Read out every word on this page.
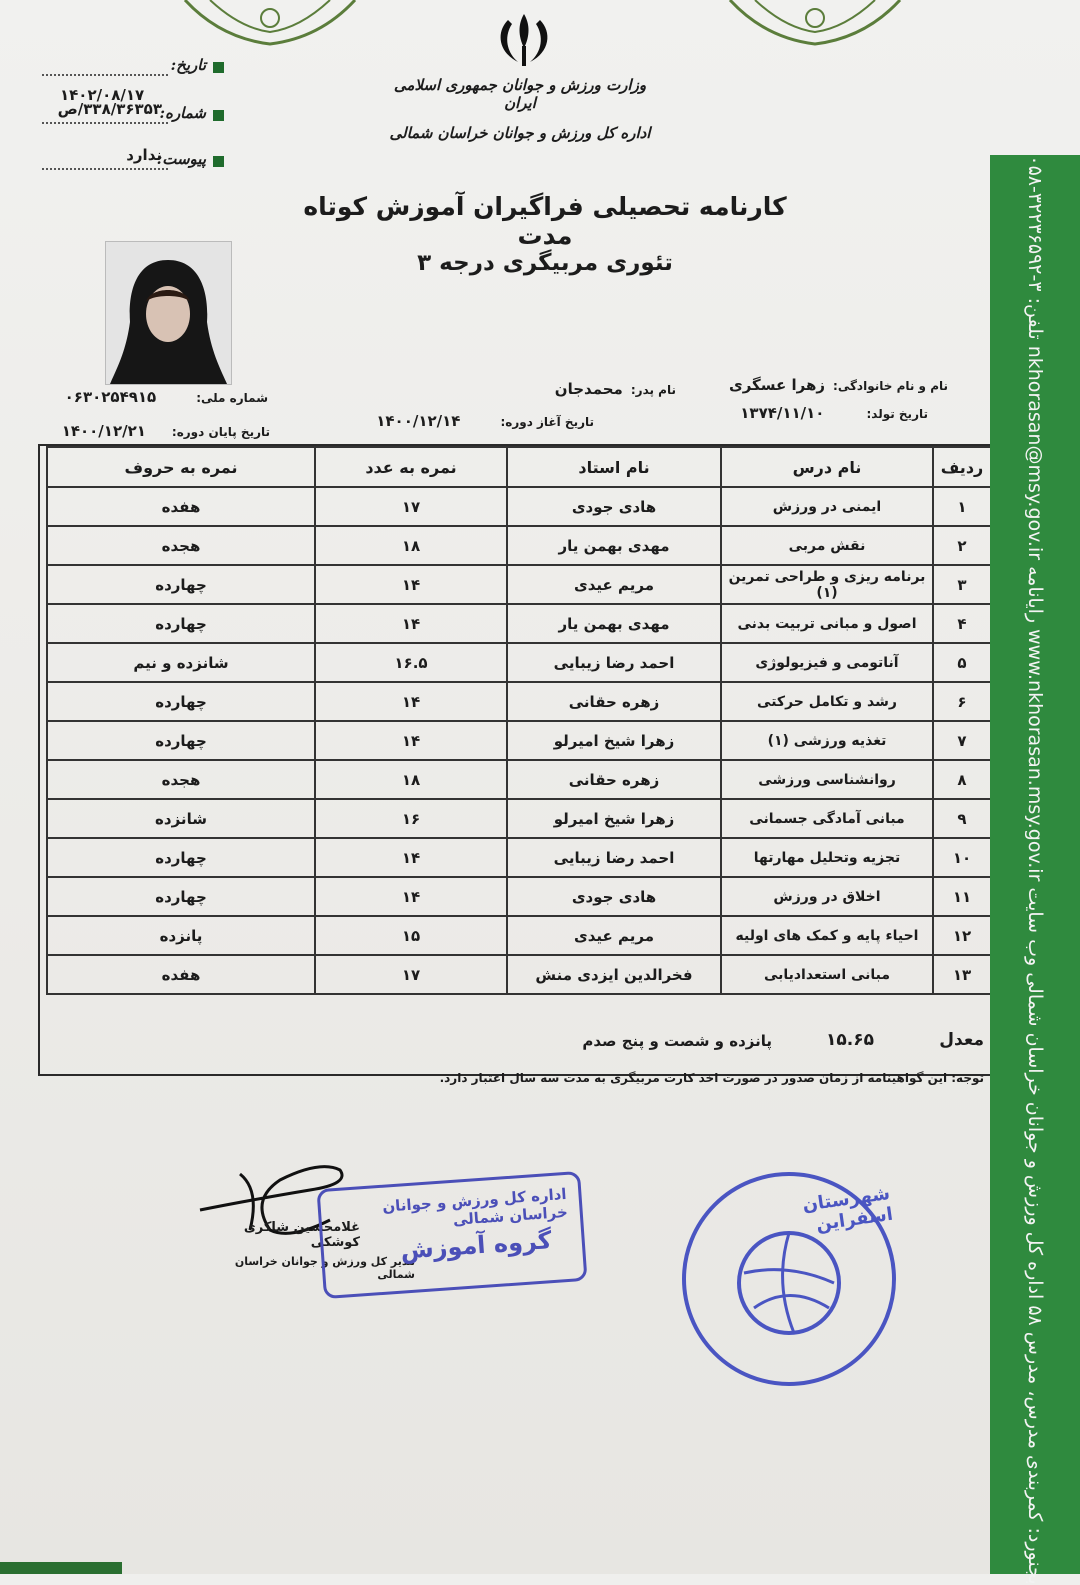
وزارت ورزش و جوانان جمهوری اسلامی ایران
اداره کل ورزش و جوانان خراسان شمالی
تاریخ:
۱۴۰۲/۰۸/۱۷
شماره:
۳۳۸/۳۶۳۵۳/ص
پیوست:
ندارد
کارنامه تحصیلی فراگیران آموزش کوتاه مدت
تئوری مربیگری درجه ۳
نام و نام خانوادگی:زهرا عسگری
نام پدر:محمدجان
شماره ملی:۰۶۳۰۲۵۴۹۱۵
تاریخ تولد:۱۳۷۴/۱۱/۱۰
تاریخ آغاز دوره:۱۴۰۰/۱۲/۱۴
تاریخ پایان دوره:۱۴۰۰/۱۲/۲۱
ردیف	نام درس	نام استاد	نمره به عدد	نمره به حروف
۱	ایمنی در ورزش	هادی جودی	۱۷	هفده
۲	نقش مربی	مهدی بهمن یار	۱۸	هجده
۳	برنامه ریزی و طراحی تمرین (۱)	مریم عیدی	۱۴	چهارده
۴	اصول و مبانی تربیت بدنی	مهدی بهمن یار	۱۴	چهارده
۵	آناتومی و فیزیولوژی	احمد رضا زیبایی	۱۶.۵	شانزده و نیم
۶	رشد و تکامل حرکتی	زهره حقانی	۱۴	چهارده
۷	تغذیه ورزشی (۱)	زهرا شیخ امیرلو	۱۴	چهارده
۸	روانشناسی ورزشی	زهره حقانی	۱۸	هجده
۹	مبانی آمادگی جسمانی	زهرا شیخ امیرلو	۱۶	شانزده
۱۰	تجزیه وتحلیل مهارتها	احمد رضا زیبایی	۱۴	چهارده
۱۱	اخلاق در ورزش	هادی جودی	۱۴	چهارده
۱۲	احیاء پایه و کمک های اولیه	مریم عیدی	۱۵	پانزده
۱۳	مبانی استعدادیابی	فخرالدین ایزدی منش	۱۷	هفده
معدل
۱۵.۶۵
پانزده و شصت و پنج صدم
توجه: این گواهینامه از زمان صدور در صورت اخذ کارت مربیگری به مدت سه سال اعتبار دارد.
غلامحسین شاکری کوشکی
مدیر کل ورزش و جوانان خراسان شمالی
اداره کل ورزش و جوانان خراسان شمالی
گروه آموزش
شهرستان اسفراین
بجنورد: کمربندی مدرس، مدرس ۵۸ اداره کل ورزش و جوانان خراسان شمالی وب سایت www.nkhorasan.msy.gov.ir رایانامه nkhorasan@msy.gov.ir تلفن: ۳-۳۲۲۳۶۵۹۲-۰۵۸
